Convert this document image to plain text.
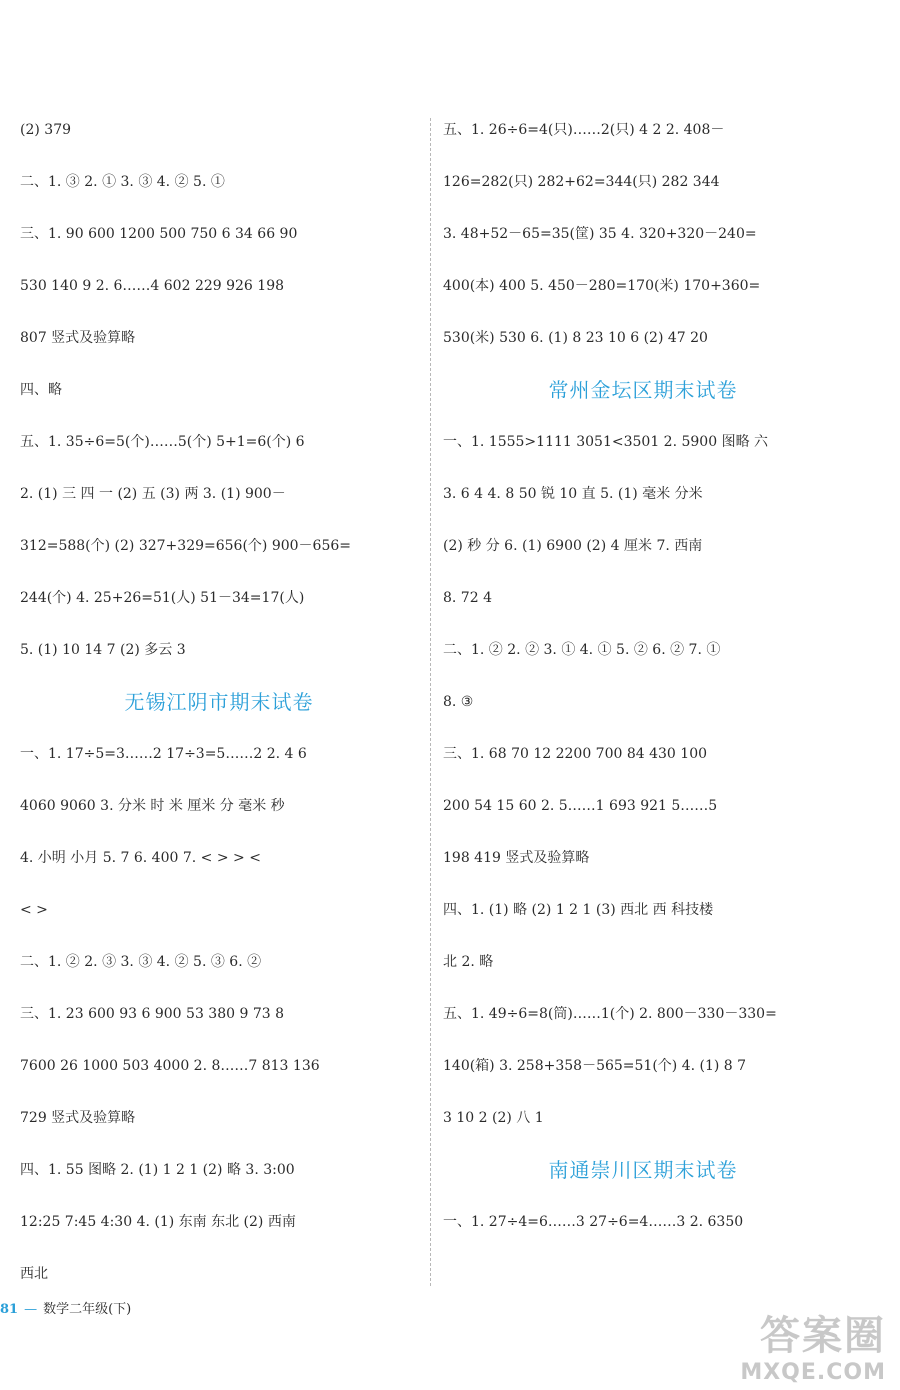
(2) 379
二、1. ③ 2. ① 3. ③ 4. ② 5. ①
三、1. 90 600 1200 500 750 6 34 66 90
530 140 9 2. 6……4 602 229 926 198
807 竖式及验算略
四、略
五、1. 35÷6=5(个)……5(个) 5+1=6(个) 6
2. (1) 三 四 一 (2) 五 (3) 两 3. (1) 900－
312=588(个) (2) 327+329=656(个) 900－656=
244(个) 4. 25+26=51(人) 51－34=17(人)
5. (1) 10 14 7 (2) 多云 3
无锡江阴市期末试卷
一、1. 17÷5=3……2 17÷3=5……2 2. 4 6
4060 9060 3. 分米 时 米 厘米 分 毫米 秒
4. 小明 小月 5. 7 6. 400 7. < > > <
< >
二、1. ② 2. ③ 3. ③ 4. ② 5. ③ 6. ②
三、1. 23 600 93 6 900 53 380 9 73 8
7600 26 1000 503 4000 2. 8……7 813 136
729 竖式及验算略
四、1. 55 图略 2. (1) 1 2 1 (2) 略 3. 3:00
12:25 7:45 4:30 4. (1) 东南 东北 (2) 西南
西北
五、1. 26÷6=4(只)……2(只) 4 2 2. 408－
126=282(只) 282+62=344(只) 282 344
3. 48+52－65=35(筐) 35 4. 320+320－240=
400(本) 400 5. 450－280=170(米) 170+360=
530(米) 530 6. (1) 8 23 10 6 (2) 47 20
常州金坛区期末试卷
一、1. 1555>1111 3051<3501 2. 5900 图略 六
3. 6 4 4. 8 50 锐 10 直 5. (1) 毫米 分米
(2) 秒 分 6. (1) 6900 (2) 4 厘米 7. 西南
8. 72 4
二、1. ② 2. ② 3. ① 4. ① 5. ② 6. ② 7. ①
8. ③
三、1. 68 70 12 2200 700 84 430 100
200 54 15 60 2. 5……1 693 921 5……5
198 419 竖式及验算略
四、1. (1) 略 (2) 1 2 1 (3) 西北 西 科技楼
北 2. 略
五、1. 49÷6=8(筒)……1(个) 2. 800－330－330=
140(箱) 3. 258+358－565=51(个) 4. (1) 8 7
3 10 2 (2) 八 1
南通崇川区期末试卷
一、1. 27÷4=6……3 27÷6=4……3 2. 6350
81 — 数学二年级(下)
答案圈
MXQE.COM
